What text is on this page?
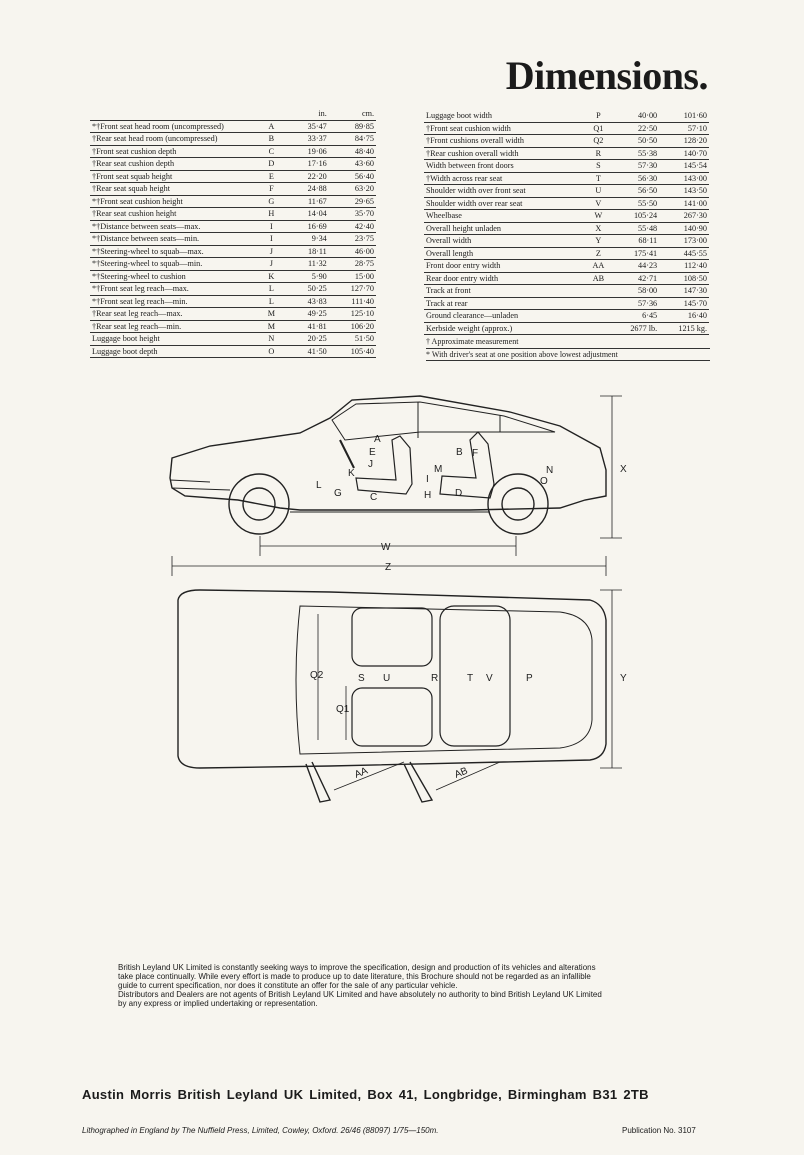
Dimensions.
		in.	cm.
*†Front seat head room (uncompressed)	A	35·47	89·85
†Rear seat head room (uncompressed)	B	33·37	84·75
†Front seat cushion depth	C	19·06	48·40
†Rear seat cushion depth	D	17·16	43·60
†Front seat squab height	E	22·20	56·40
†Rear seat squab height	F	24·88	63·20
*†Front seat cushion height	G	11·67	29·65
†Rear seat cushion height	H	14·04	35·70
*†Distance between seats—max.	I	16·69	42·40
*†Distance between seats—min.	I	9·34	23·75
*†Steering-wheel to squab—max.	J	18·11	46·00
*†Steering-wheel to squab—min.	J	11·32	28·75
*†Steering-wheel to cushion	K	5·90	15·00
*†Front seat leg reach—max.	L	50·25	127·70
*†Front seat leg reach—min.	L	43·83	111·40
†Rear seat leg reach—max.	M	49·25	125·10
†Rear seat leg reach—min.	M	41·81	106·20
Luggage boot height	N	20·25	51·50
Luggage boot depth	O	41·50	105·40
Luggage boot width	P	40·00	101·60
†Front seat cushion width	Q1	22·50	57·10
†Front cushions overall width	Q2	50·50	128·20
†Rear cushion overall width	R	55·38	140·70
Width between front doors	S	57·30	145·54
†Width across rear seat	T	56·30	143·00
Shoulder width over front seat	U	56·50	143·50
Shoulder width over rear seat	V	55·50	141·00
Wheelbase	W	105·24	267·30
Overall height unladen	X	55·48	140·90
Overall width	Y	68·11	173·00
Overall length	Z	175·41	445·55
Front door entry width	AA	44·23	112·40
Rear door entry width	AB	42·71	108·50
Track at front		58·00	147·30
Track at rear		57·36	145·70
Ground clearance—unladen		6·45	16·40
Kerbside weight (approx.)		2677 lb.	1215 kg.
† Approximate measurement
* With driver's seat at one position above lowest adjustment
A
B
C	D
E	F
G	H
I
J
K
L
M	N
O
P
Q1
Q2	R
S	T
U	V
W
X
Y
Z
AA	AB
British Leyland UK Limited is constantly seeking ways to improve the specification, design and production of its vehicles and alterations
take place continually. While every effort is made to produce up to date literature, this Brochure should not be regarded as an infallible
guide to current specification, nor does it constitute an offer for the sale of any particular vehicle.
Distributors and Dealers are not agents of British Leyland UK Limited and have absolutely no authority to bind British Leyland UK Limited
by any express or implied undertaking or representation.
Austin Morris British Leyland UK Limited, Box 41, Longbridge, Birmingham B31 2TB
Lithographed in England by The Nuffield Press, Limited, Cowley, Oxford. 26/46 (88097) 1/75—150m.	Publication No. 3107
